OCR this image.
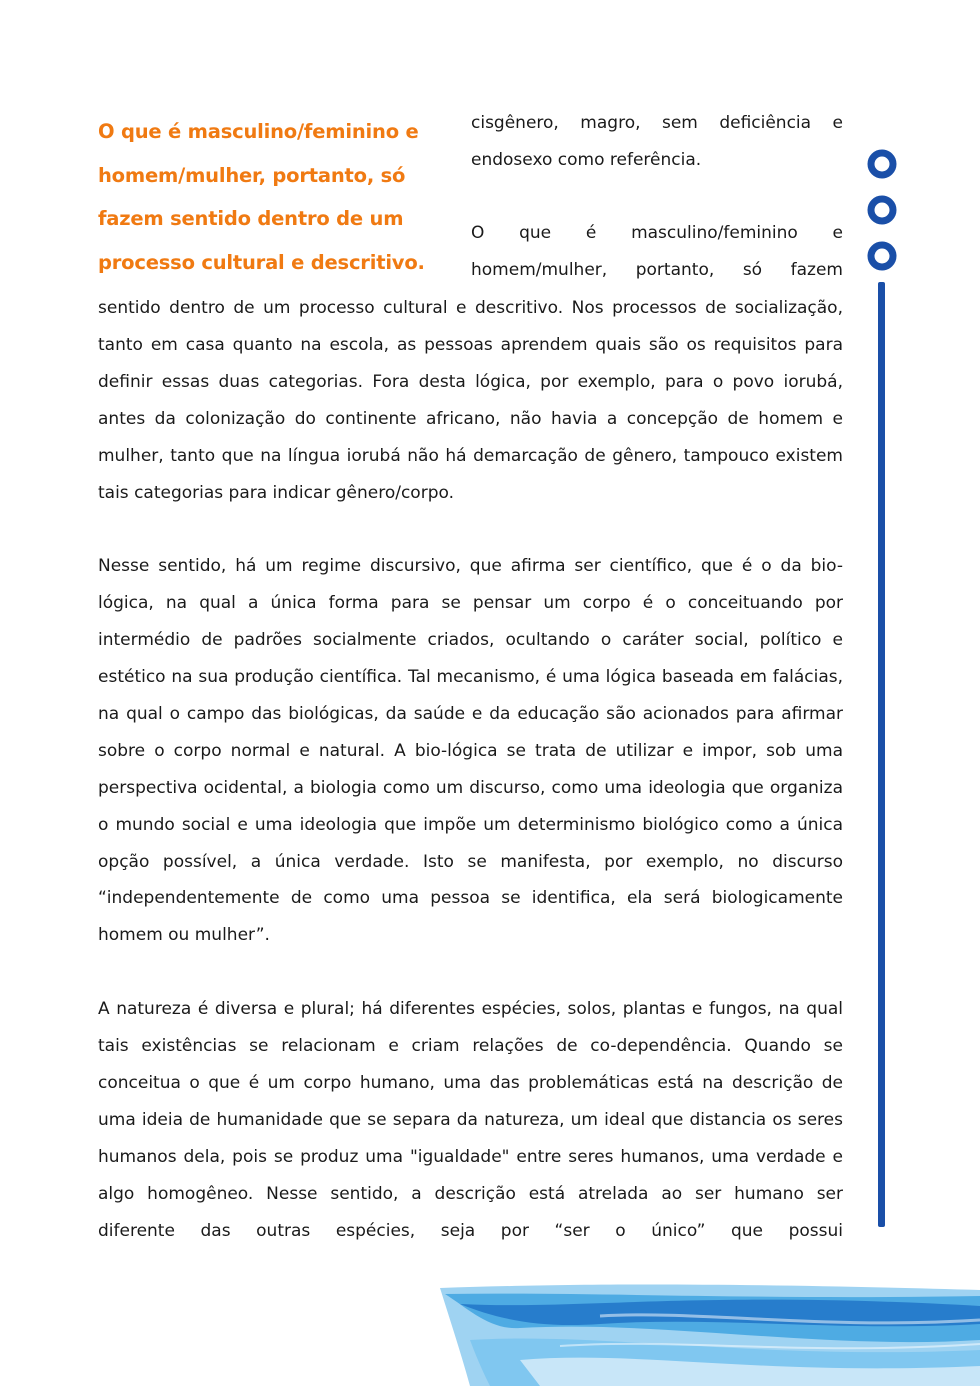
O que é masculino/feminino e homem/mulher, portanto, só fazem sentido dentro de um processo cultural e descritivo.

cisgênero, magro, sem deficiência e endosexo como referência.

O que é masculino/feminino e homem/mulher, portanto, só fazem

sentido dentro de um processo cultural e descritivo. Nos processos de socialização, tanto em casa quanto na escola, as pessoas aprendem quais são os requisitos para definir essas duas categorias. Fora desta lógica, por exemplo, para o povo iorubá, antes da colonização do continente africano, não havia a concepção de homem e mulher, tanto que na língua iorubá não há demarcação de gênero, tampouco existem tais categorias para indicar gênero/corpo.

Nesse sentido, há um regime discursivo, que afirma ser científico, que é o da bio-lógica, na qual a única forma para se pensar um corpo é o conceituando por intermédio de padrões socialmente criados, ocultando o caráter social, político e estético na sua produção científica. Tal mecanismo, é uma lógica baseada em falácias, na qual o campo das biológicas, da saúde e da educação são acionados para afirmar sobre o corpo normal e natural. A bio-lógica se trata de utilizar e impor, sob uma perspectiva ocidental, a biologia como um discurso, como uma ideologia que organiza o mundo social e uma ideologia que impõe um determinismo biológico como a única opção possível, a única verdade. Isto se manifesta, por exemplo, no discurso “independentemente de como uma pessoa se identifica, ela será biologicamente homem ou mulher”.

A natureza é diversa e plural; há diferentes espécies, solos, plantas e fungos, na qual tais existências se relacionam e criam relações de co-dependência. Quando se conceitua o que é um corpo humano, uma das problemáticas está na descrição de uma ideia de humanidade que se separa da natureza, um ideal que distancia os seres humanos dela, pois se produz uma "igualdade" entre seres humanos, uma verdade e algo homogêneo. Nesse sentido, a descrição está atrelada ao ser humano ser diferente das outras espécies, seja por “ser o único” que possui
